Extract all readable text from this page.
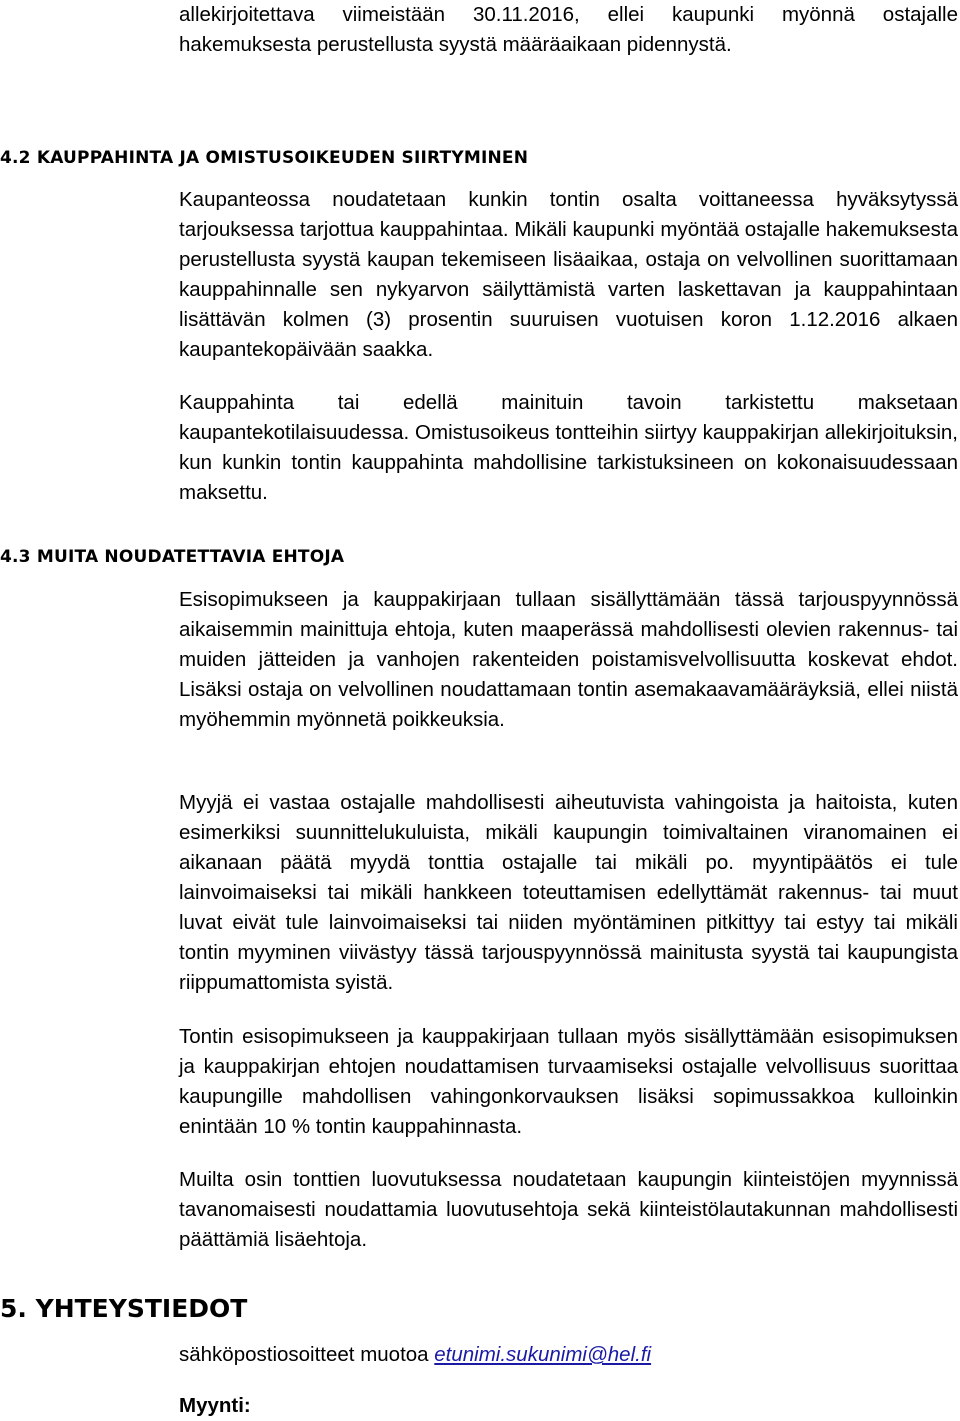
allekirjoitettava viimeistään 30.11.2016, ellei kaupunki myönnä ostajalle hakemuksesta perustellusta syystä määräaikaan pidennystä.

4.2 KAUPPAHINTA JA OMISTUSOIKEUDEN SIIRTYMINEN

Kaupanteossa noudatetaan kunkin tontin osalta voittaneessa hyväksytyssä tarjouksessa tarjottua kauppahintaa. Mikäli kaupunki myöntää ostajalle hakemuksesta perustellusta syystä kaupan tekemiseen lisäaikaa, ostaja on velvollinen suorittamaan kauppahinnalle sen nykyarvon säilyttämistä varten laskettavan ja kauppahintaan lisättävän kolmen (3) prosentin suuruisen vuotuisen koron 1.12.2016 alkaen kaupantekopäivään saakka.

Kauppahinta tai edellä mainituin tavoin tarkistettu maksetaan kaupantekotilaisuudessa. Omistusoikeus tontteihin siirtyy kauppakirjan allekirjoituksin, kun kunkin tontin kauppahinta mahdollisine tarkistuksineen on kokonaisuudessaan maksettu.

4.3 MUITA NOUDATETTAVIA EHTOJA

Esisopimukseen ja kauppakirjaan tullaan sisällyttämään tässä tarjouspyynnössä aikaisemmin mainittuja ehtoja, kuten maaperässä mahdollisesti olevien rakennus- tai muiden jätteiden ja vanhojen rakenteiden poistamisvelvollisuutta koskevat ehdot. Lisäksi ostaja on velvollinen noudattamaan tontin asemakaavamääräyksiä, ellei niistä myöhemmin myönnetä poikkeuksia.

Myyjä ei vastaa ostajalle mahdollisesti aiheutuvista vahingoista ja haitoista, kuten esimerkiksi suunnittelukuluista, mikäli kaupungin toimivaltainen viranomainen ei aikanaan päätä myydä tonttia ostajalle tai mikäli po. myyntipäätös ei tule lainvoimaiseksi tai mikäli hankkeen toteuttamisen edellyttämät rakennus- tai muut luvat eivät tule lainvoimaiseksi tai niiden myöntäminen pitkittyy tai estyy tai mikäli tontin myyminen viivästyy tässä tarjouspyynnössä mainitusta syystä tai kaupungista riippumattomista syistä.

Tontin esisopimukseen ja kauppakirjaan tullaan myös sisällyttämään esisopimuksen ja kauppakirjan ehtojen noudattamisen turvaamiseksi ostajalle velvollisuus suorittaa kaupungille mahdollisen vahingonkorvauksen lisäksi sopimussakkoa kulloinkin enintään 10 % tontin kauppahinnasta.

Muilta osin tonttien luovutuksessa noudatetaan kaupungin kiinteistöjen myynnissä tavanomaisesti noudattamia luovutusehtoja sekä kiinteistölautakunnan mahdollisesti päättämiä lisäehtoja.

5. YHTEYSTIEDOT

sähköpostiosoitteet muotoa etunimi.sukunimi@hel.fi

Myynti:
